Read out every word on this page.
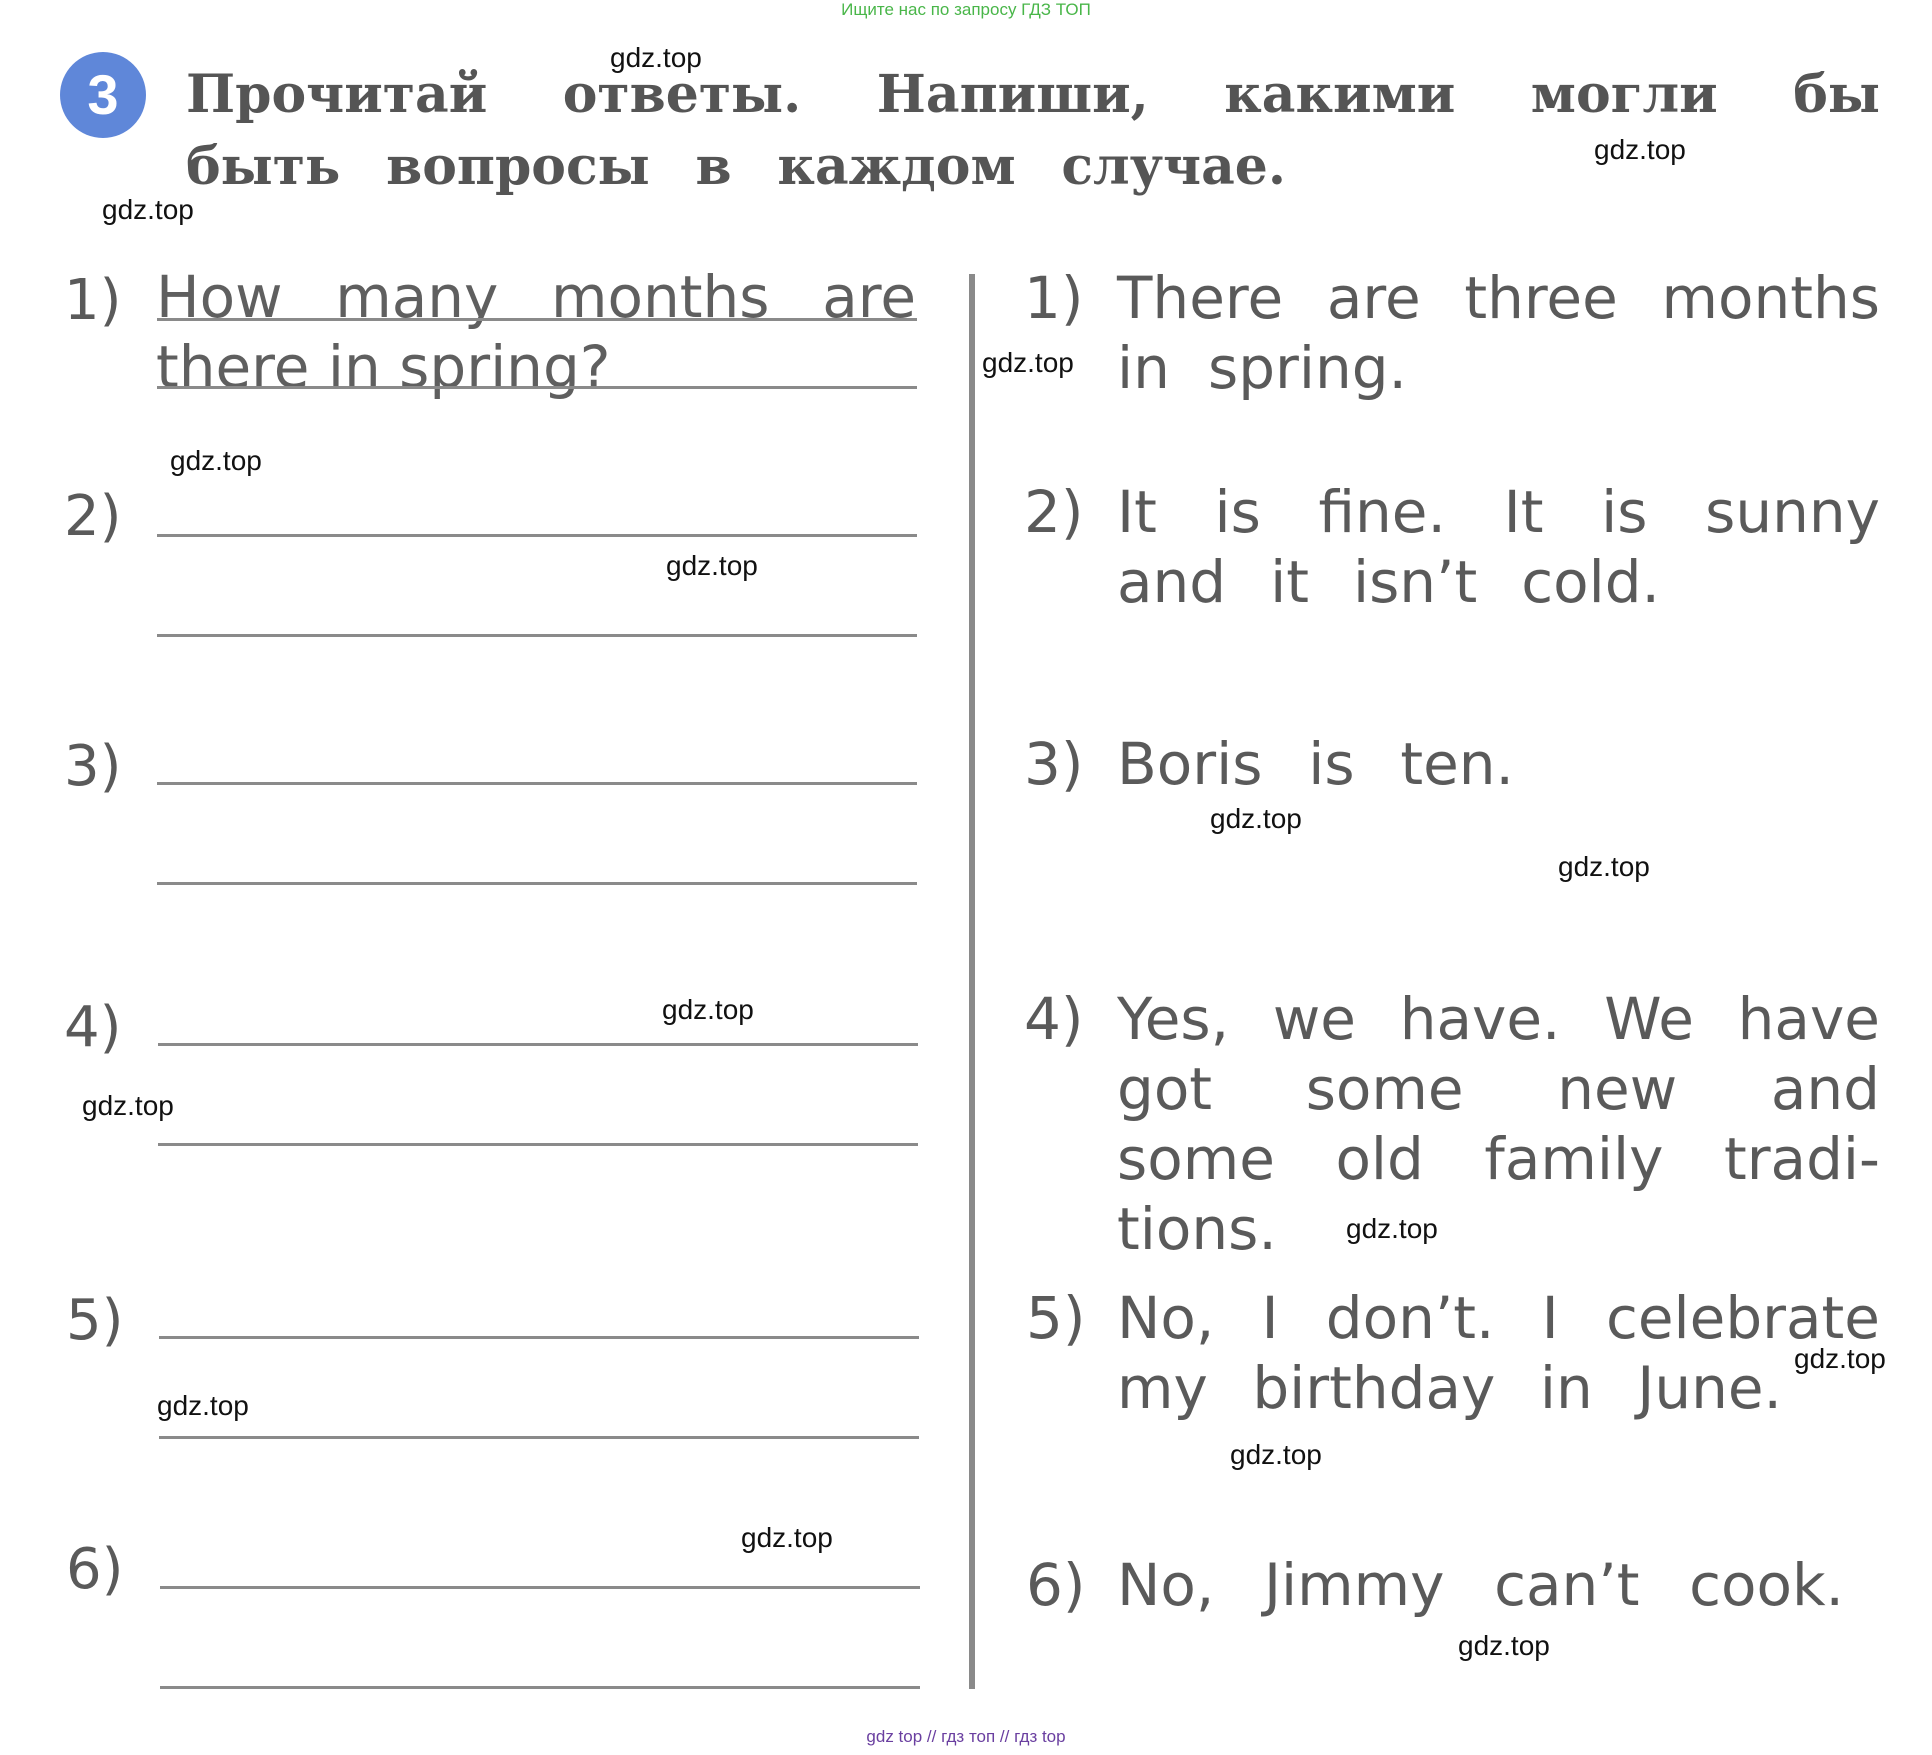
Ищите нас по запросу ГДЗ ТОП
3	Прочитай ответы. Напиши, какими могли бы
быть вопросы в каждом случае.
1)
2)
3)
4)
5)
6)
How many months are
there in spring?
1)
2)
3)
4)
5)
6)
There are three months
in spring.
It is fine. It is sunny
and it isn’t cold.
Boris is ten.
Yes, we have. We have
got some new and
some old family tradi-
tions.
No, I don’t. I celebrate
my birthday in June.
No, Jimmy can’t cook.
gdz.top
gdz.top
gdz.top
gdz.top
gdz.top
gdz.top
gdz.top
gdz.top
gdz.top
gdz.top
gdz.top
gdz.top
gdz.top
gdz.top
gdz.top
gdz.top
gdz top // гдз топ // гдз top
